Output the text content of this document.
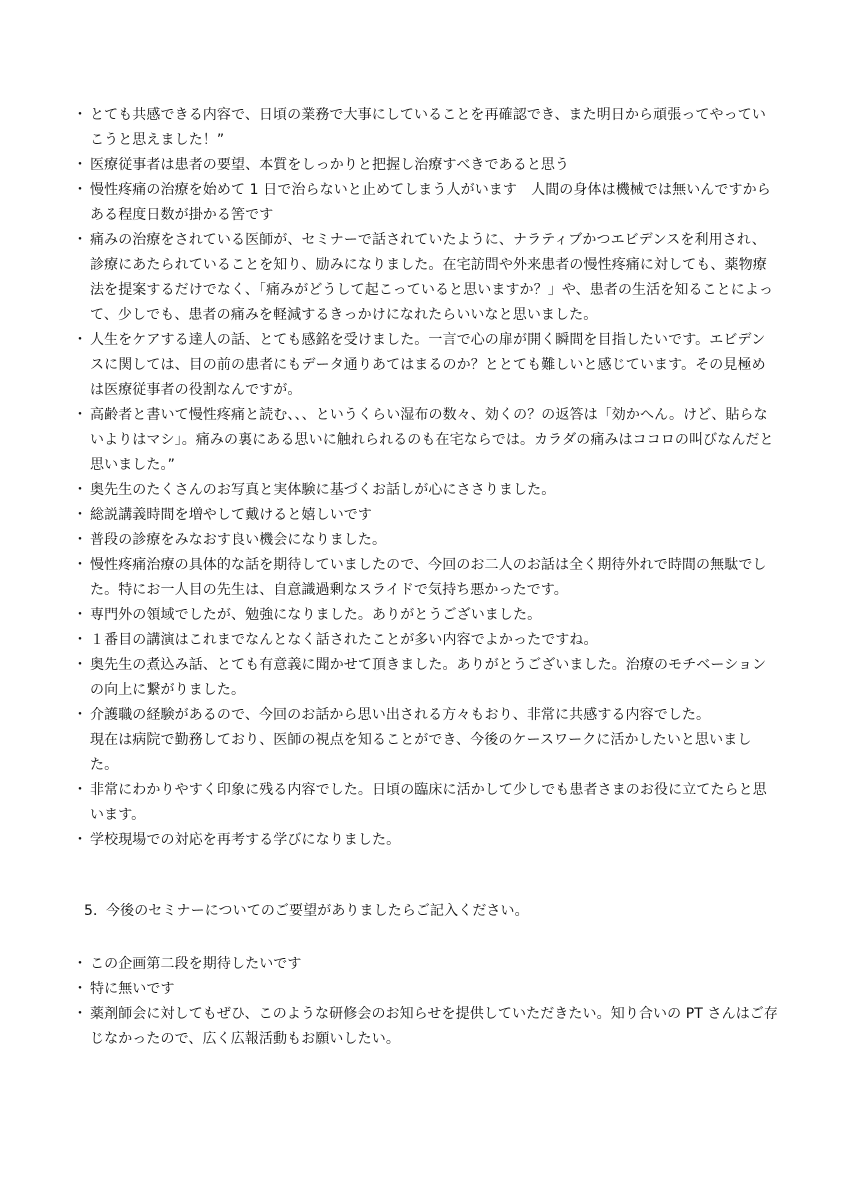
・ とても共感できる内容で、日頃の業務で大事にしていることを再確認でき、また明日から頑張ってやっていこうと思えました！”
・ 医療従事者は患者の要望、本質をしっかりと把握し治療すべきであると思う
・ 慢性疼痛の治療を始めて 1 日で治らないと止めてしまう人がいます　人間の身体は機械では無いんですからある程度日数が掛かる筈です
・ 痛みの治療をされている医師が、セミナーで話されていたように、ナラティブかつエビデンスを利用され、診療にあたられていることを知り、励みになりました。在宅訪問や外来患者の慢性疼痛に対しても、薬物療法を提案するだけでなく、「痛みがどうして起こっていると思いますか？」や、患者の生活を知ることによって、少しでも、患者の痛みを軽減するきっかけになれたらいいなと思いました。
・ 人生をケアする達人の話、とても感銘を受けました。一言で心の扉が開く瞬間を目指したいです。エビデンスに関しては、目の前の患者にもデータ通りあてはまるのか？ととても難しいと感じています。その見極めは医療従事者の役割なんですが。
・ 高齢者と書いて慢性疼痛と読む、、、というくらい湿布の数々、効くの？の返答は「効かへん。けど、貼らないよりはマシ」。痛みの裏にある思いに触れられるのも在宅ならでは。カラダの痛みはココロの叫びなんだと思いました。”
・ 奥先生のたくさんのお写真と実体験に基づくお話しが心にささりました。
・ 総説講義時間を増やして戴けると嬉しいです
・ 普段の診療をみなおす良い機会になりました。
・ 慢性疼痛治療の具体的な話を期待していましたので、今回のお二人のお話は全く期待外れで時間の無駄でした。特にお一人目の先生は、自意識過剰なスライドで気持ち悪かったです。
・ 専門外の領域でしたが、勉強になりました。ありがとうございました。
・ １番目の講演はこれまでなんとなく話されたことが多い内容でよかったですね。
・ 奥先生の煮込み話、とても有意義に聞かせて頂きました。ありがとうございました。治療のモチベーションの向上に繋がりました。
・ 介護職の経験があるので、今回のお話から思い出される方々もおり、非常に共感する内容でした。
現在は病院で勤務しており、医師の視点を知ることができ、今後のケースワークに活かしたいと思いました。
・ 非常にわかりやすく印象に残る内容でした。日頃の臨床に活かして少しでも患者さまのお役に立てたらと思います。
・ 学校現場での対応を再考する学びになりました。
5．今後のセミナーについてのご要望がありましたらご記入ください。
・ この企画第二段を期待したいです
・ 特に無いです
・ 薬剤師会に対してもぜひ、このような研修会のお知らせを提供していただきたい。知り合いの PT さんはご存じなかったので、広く広報活動もお願いしたい。
